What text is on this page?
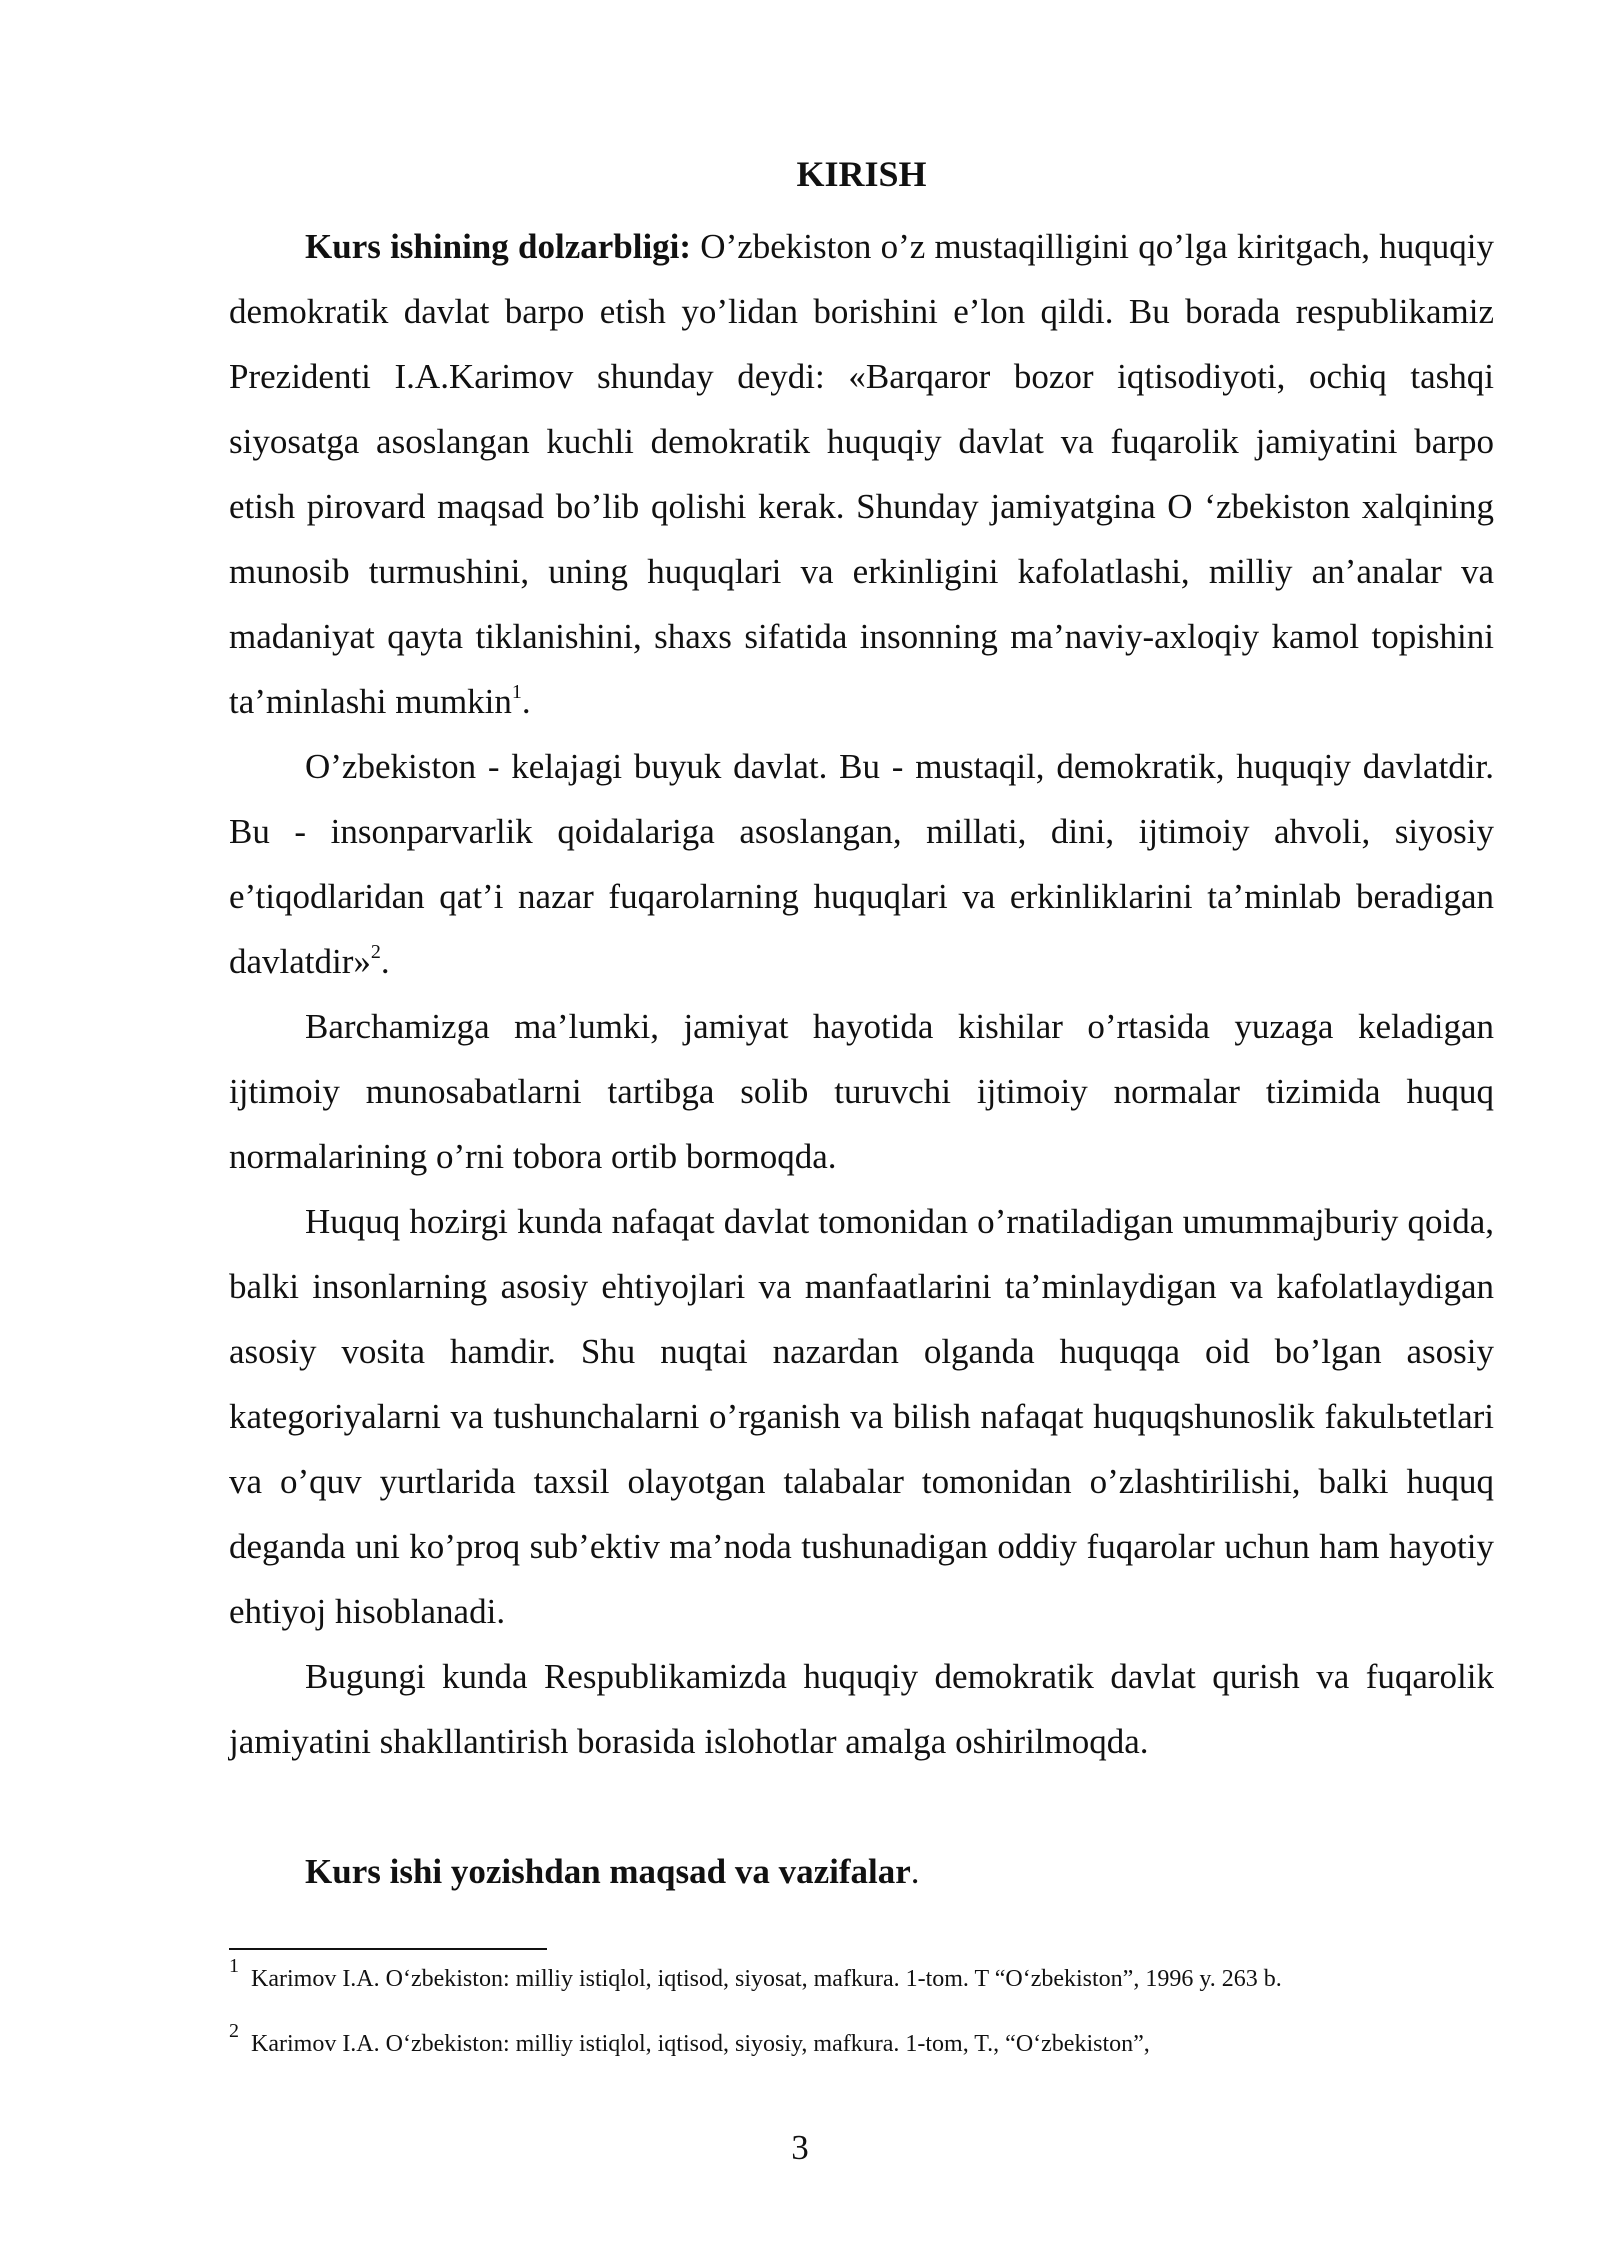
KIRISH

Kurs ishining dolzarbligi: O’zbekiston o’z mustaqilligini qo’lga kiritgach, huquqiy demokratik davlat barpo etish yo’lidan borishini e’lon qildi. Bu borada respublikamiz Prezidenti I.A.Karimov shunday deydi: «Barqaror bozor iqtisodiyoti, ochiq tashqi siyosatga asoslangan kuchli demokratik huquqiy davlat va fuqarolik jamiyatini barpo etish pirovard maqsad bo’lib qolishi kerak. Shunday jamiyatgina O ‘zbekiston xalqining munosib turmushini, uning huquqlari va erkinligini kafolatlashi, milliy an’analar va madaniyat qayta tiklanishini, shaxs sifatida insonning ma’naviy-axloqiy kamol topishini ta’minlashi mumkin$^1$.

O’zbekiston - kelajagi buyuk davlat. Bu - mustaqil, demokratik, huquqiy davlatdir. Bu - insonparvarlik qoidalariga asoslangan, millati, dini, ijtimoiy ahvoli, siyosiy e’tiqodlaridan qat’i nazar fuqarolarning huquqlari va erkinliklarini ta’minlab beradigan davlatdir»$^2$.

Barchamizga ma’lumki, jamiyat hayotida kishilar o’rtasida yuzaga keladigan ijtimoiy munosabatlarni tartibga solib turuvchi ijtimoiy normalar tizimida huquq normalarining o’rni tobora ortib bormoqda.

Huquq hozirgi kunda nafaqat davlat tomonidan o’rnatiladigan umummajburiy qoida, balki insonlarning asosiy ehtiyojlari va manfaatlarini ta’minlaydigan va kafolatlaydigan asosiy vosita hamdir. Shu nuqtai nazardan olganda huquqqa oid bo’lgan asosiy kategoriyalarni va tushunchalarni o’rganish va bilish nafaqat huquqshunoslik fakulьtetlari va o’quv yurtlarida taxsil olayotgan talabalar tomonidan o’zlashtirilishi, balki huquq deganda uni ko’proq sub’ektiv ma’noda tushunadigan oddiy fuqarolar uchun ham hayotiy ehtiyoj hisoblanadi.

Bugungi kunda Respublikamizda huquqiy demokratik davlat qurish va fuqarolik jamiyatini shakllantirish borasida islohotlar amalga oshirilmoqda.

Kurs ishi yozishdan maqsad va vazifalar.

$^1$ Karimov I.A. O‘zbekiston: milliy istiqlol, iqtisod, siyosat, mafkura. 1-tom. T “O‘zbekiston”, 1996 y. 263 b.

$^2$ Karimov I.A. O‘zbekiston: milliy istiqlol, iqtisod, siyosiy, mafkura. 1-tom, T., “O‘zbekiston”,

3
